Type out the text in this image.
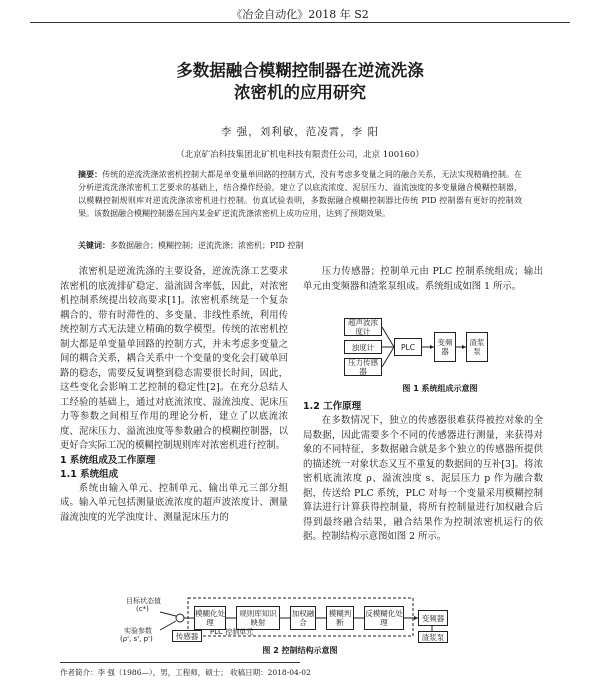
《冶金自动化》2018 年 S2
多数据融合模糊控制器在逆流洗涤
浓密机的应用研究
李 强，刘利敏，范凌霄，李 阳
（北京矿冶科技集团北矿机电科技有限责任公司，北京 100160）
摘要：传统的逆流洗涤浓密机控制大都是单变量单回路的控制方式，没有考虑多变量之间的融合关系，无法实现精确控制。在分析逆流洗涤浓密机工艺要求的基础上，结合操作经验，建立了以底流浓度、泥层压力、溢流浊度的多变量融合模糊控制器，以模糊控制规则库对逆流洗涤浓密机进行控制。仿真试验表明，多数据融合模糊控制器比传统 PID 控制器有更好的控制效果。该数据融合模糊控制器在国内某金矿逆流洗涤浓密机上成功应用，达到了预期效果。
关键词：多数据融合；模糊控制；逆流洗涤；浓密机；PID 控制

浓密机是逆流洗涤的主要设备，逆流洗涤工艺要求浓密机的底流排矿稳定、溢流固含率低，因此，对浓密机控制系统提出较高要求[1]。浓密机系统是一个复杂耦合的、带有时滞性的、多变量、非线性系统，利用传统控制方式无法建立精确的数学模型。传统的浓密机控制大都是单变量单回路的控制方式，并未考虑多变量之间的耦合关系，耦合关系中一个变量的变化会打破单回路的稳态，需要反复调整到稳态需要很长时间，因此，这些变化会影响工艺控制的稳定性[2]。在充分总结人工经验的基础上，通过对底流浓度、溢流浊度、泥床压力等参数之间相互作用的理论分析，建立了以底流浓度、泥床压力、溢流浊度等参数融合的模糊控制器，以更好合实际工况的模糊控制规则库对浓密机进行控制。

1 系统组成及工作原理

1.1 系统组成

系统由输入单元、控制单元、输出单元三部分组成。输入单元包括测量底流浓度的超声波浓度计、测量溢流浊度的光学浊度计、测量泥床压力的

压力传感器；控制单元由 PLC 控制系统组成；输出单元由变频器和渣浆泵组成。系统组成如图 1 所示。

超声波浓度计
浊度计
压力传感器
PLC	变频器
渣浆泵
图 1 系统组成示意图

1.2 工作原理

在多数情况下，独立的传感器很难获得被控对象的全局数据，因此需要多个不同的传感器进行测量，来获得对象的不同特征，多数据融合就是多个独立的传感器所提供的描述统一对象状态又互不重复的数据间的互补[3]。将浓密机底流浓度 ρ、溢流浊度 s、泥层压力 p 作为融合数据，传送给 PLC 系统，PLC 对每一个变量采用模糊控制算法进行计算获得控制量，将所有控制量进行加权融合后得到最终融合结果，融合结果作为控制浓密机运行的依据。控制结构示意图如图 2 所示。

目标状态值
(c*)
实验参数
(ρ', s', p')
模糊化处理
规则库知识映射
加权融合
模糊判断
反模糊化处理
PLC 控制单元
变频器
传感器	渣浆泵
图 2 控制结构示意图
作者简介：李 强（1986—），男，工程师，硕士； 收稿日期：2018-04-02
